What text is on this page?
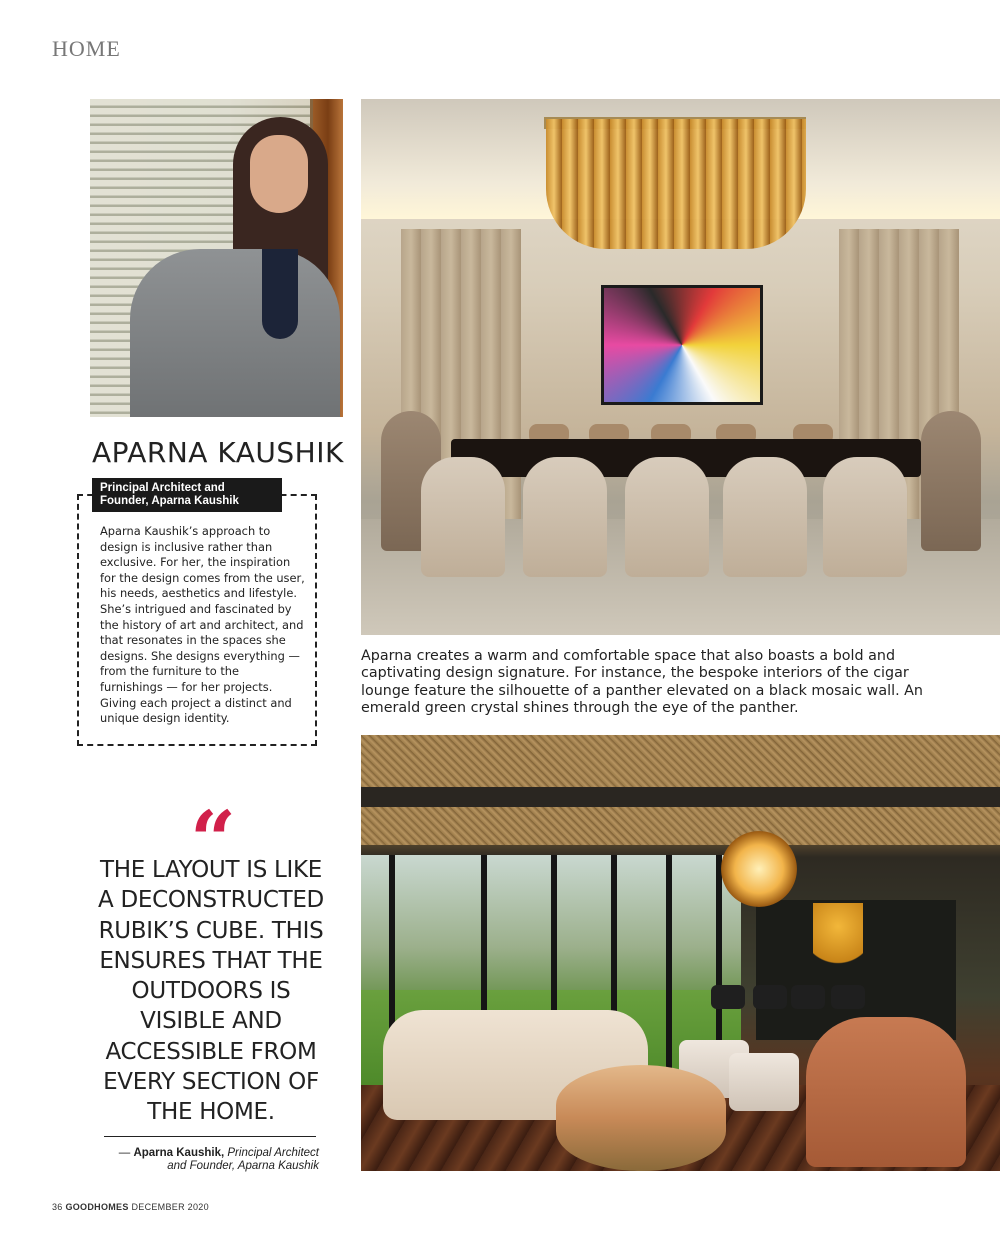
HOME
APARNA KAUSHIK
Principal Architect and
Founder, Aparna Kaushik

Aparna Kaushik’s approach to design is inclusive rather than exclusive. For her, the inspiration for the design comes from the user, his needs, aesthetics and lifestyle. She’s intrigued and fascinated by the history of art and architect, and that resonates in the spaces she designs. She designs everything — from the furniture to the furnishings — for her projects. Giving each project a distinct and unique design identity.

“

THE LAYOUT IS LIKE A DECONSTRUCTED RUBIK’S CUBE. THIS ENSURES THAT THE OUTDOORS IS VISIBLE AND ACCESSIBLE FROM EVERY SECTION OF THE HOME.

— Aparna Kaushik, Principal Architect
and Founder, Aparna Kaushik

Aparna creates a warm and comfortable space that also boasts a bold and captivating design signature. For instance, the bespoke interiors of the cigar lounge feature the silhouette of a panther elevated on a black mosaic wall. An emerald green crystal shines through the eye of the panther.

36 GOODHOMES DECEMBER 2020
